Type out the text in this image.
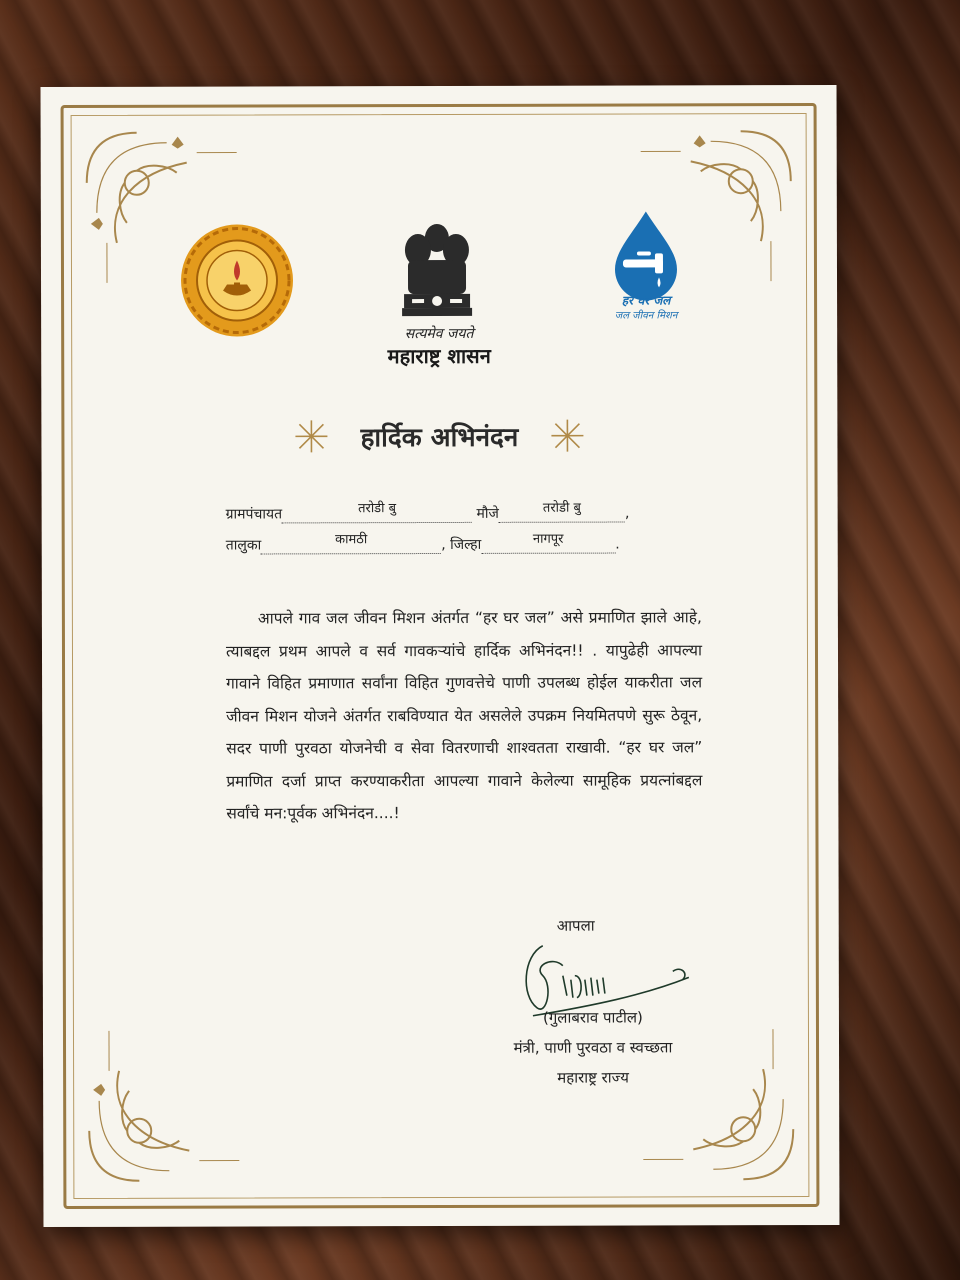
सत्यमेव जयते
महाराष्ट्र शासन
हर घर जल
जल जीवन मिशन
हार्दिक अभिनंदन
ग्रामपंचायत	तरोडी बु	मौजे	तरोडी बु	,
तालुका	कामठी	, जिल्हा	नागपूर	.
आपले गाव जल जीवन मिशन अंतर्गत “हर घर जल” असे प्रमाणित झाले आहे, त्याबद्दल प्रथम आपले व सर्व गावकऱ्यांचे हार्दिक अभिनंदन!! . यापुढेही आपल्या गावाने विहित प्रमाणात सर्वांना विहित गुणवत्तेचे पाणी उपलब्ध होईल याकरीता जल जीवन मिशन योजने अंतर्गत राबविण्यात येत असलेले उपक्रम नियमितपणे सुरू ठेवून, सदर पाणी पुरवठा योजनेची व सेवा वितरणाची शाश्वतता राखावी. “हर घर जल” प्रमाणित दर्जा प्राप्त करण्याकरीता आपल्या गावाने केलेल्या सामूहिक प्रयत्नांबद्दल सर्वांचे मन:पूर्वक अभिनंदन....!
आपला
(गुलाबराव पाटील)
मंत्री, पाणी पुरवठा व स्वच्छता
महाराष्ट्र राज्य
